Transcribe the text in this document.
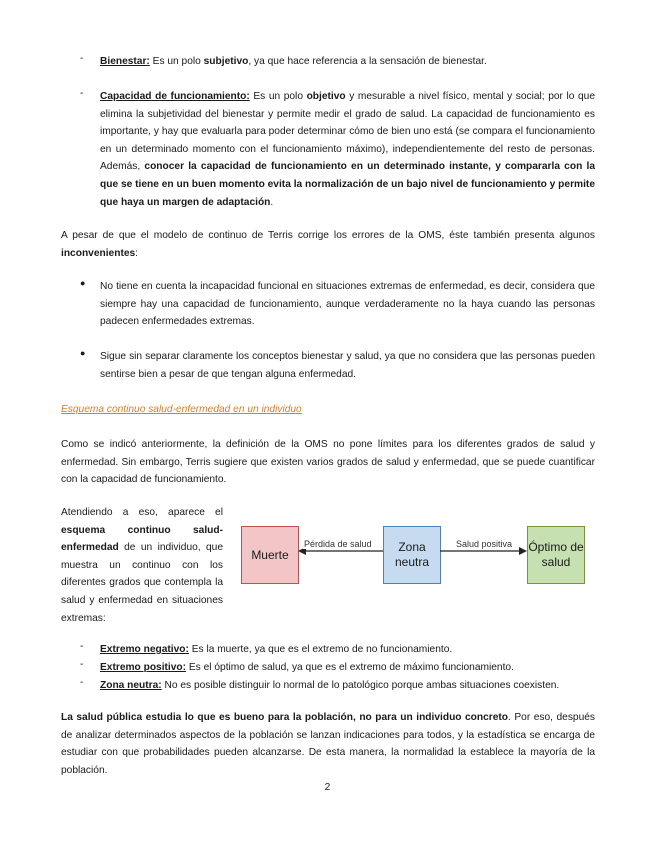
-	Bienestar: Es un polo subjetivo, ya que hace referencia a la sensación de bienestar.
-	Capacidad de funcionamiento: Es un polo objetivo y mesurable a nivel físico, mental y social; por lo que elimina la subjetividad del bienestar y permite medir el grado de salud. La capacidad de funcionamiento es importante, y hay que evaluarla para poder determinar cómo de bien uno está (se compara el funcionamiento en un determinado momento con el funcionamiento máximo), independientemente del resto de personas. Además, conocer la capacidad de funcionamiento en un determinado instante, y compararla con la que se tiene en un buen momento evita la normalización de un bajo nivel de funcionamiento y permite que haya un margen de adaptación.
A pesar de que el modelo de continuo de Terris corrige los errores de la OMS, éste también presenta algunos inconvenientes:
● No tiene en cuenta la incapacidad funcional en situaciones extremas de enfermedad, es decir, considera que siempre hay una capacidad de funcionamiento, aunque verdaderamente no la haya cuando las personas padecen enfermedades extremas.
● Sigue sin separar claramente los conceptos bienestar y salud, ya que no considera que las personas pueden sentirse bien a pesar de que tengan alguna enfermedad.
Esquema continuo salud-enfermedad en un individuo
Como se indicó anteriormente, la definición de la OMS no pone límites para los diferentes grados de salud y enfermedad. Sin embargo, Terris sugiere que existen varios grados de salud y enfermedad, que se puede cuantificar con la capacidad de funcionamiento.
Atendiendo a eso, aparece el esquema continuo salud-enfermedad de un individuo, que muestra un continuo con los diferentes grados que contempla la salud y enfermedad en situaciones extremas:
Muerte
Zona neutra
Óptimo de salud
Pérdida de salud	Salud positiva
-	Extremo negativo: Es la muerte, ya que es el extremo de no funcionamiento.
-	Extremo positivo: Es el óptimo de salud, ya que es el extremo de máximo funcionamiento.
-	Zona neutra: No es posible distinguir lo normal de lo patológico porque ambas situaciones coexisten.
La salud pública estudia lo que es bueno para la población, no para un individuo concreto. Por eso, después de analizar determinados aspectos de la población se lanzan indicaciones para todos, y la estadística se encarga de estudiar con que probabilidades pueden alcanzarse. De esta manera, la normalidad la establece la mayoría de la población.
2
